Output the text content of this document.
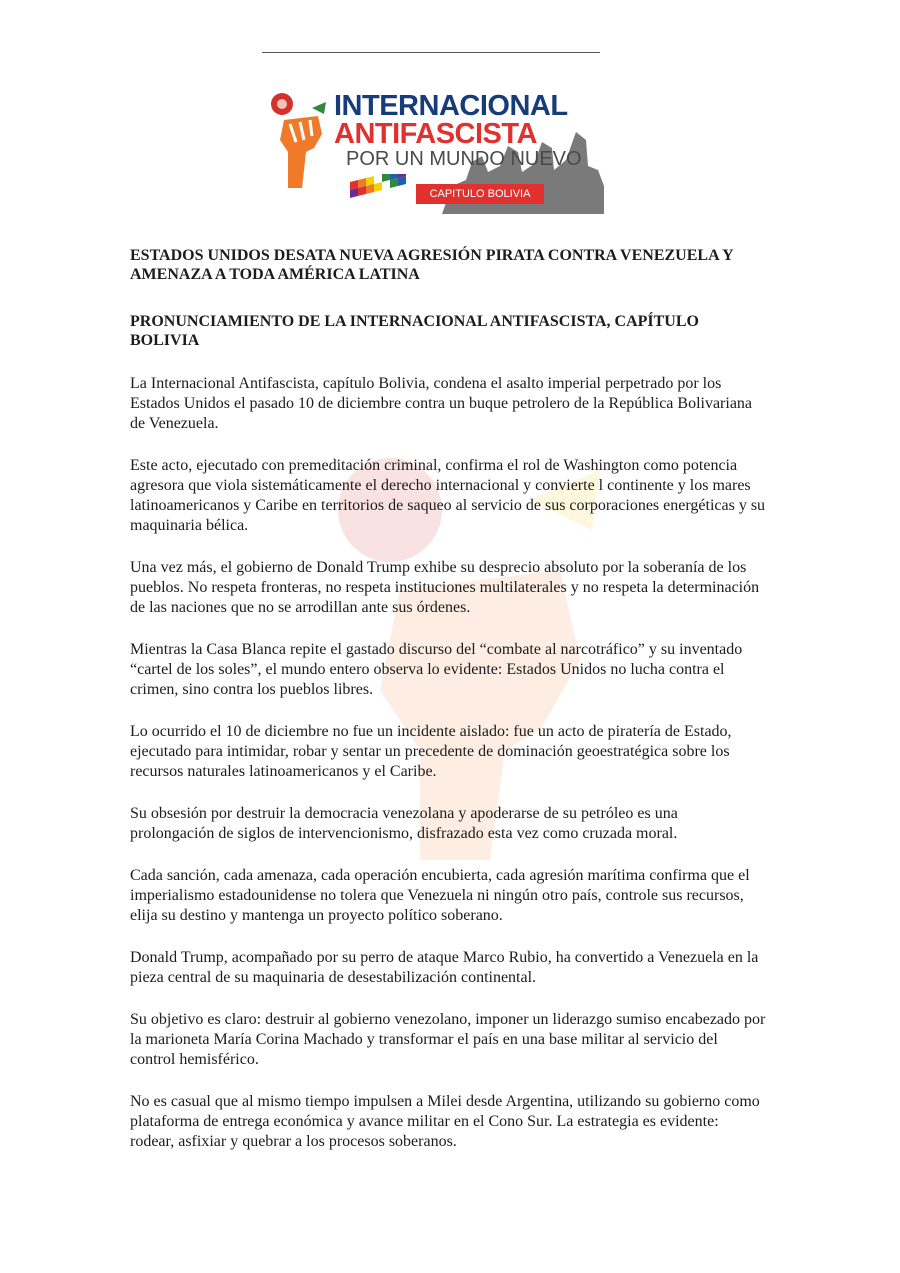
INTERNACIONAL
ANTIFASCISTA
POR UN MUNDO NUEVO
CAPITULO BOLIVIA
ESTADOS UNIDOS DESATA NUEVA AGRESIÓN PIRATA CONTRA VENEZUELA Y AMENAZA A TODA AMÉRICA LATINA
PRONUNCIAMIENTO DE LA INTERNACIONAL ANTIFASCISTA, CAPÍTULO BOLIVIA

La Internacional Antifascista, capítulo Bolivia, condena el asalto imperial perpetrado por los Estados Unidos el pasado 10 de diciembre contra un buque petrolero de la República Bolivariana de Venezuela.

Este acto, ejecutado con premeditación criminal, confirma el rol de Washington como potencia agresora que viola sistemáticamente el derecho internacional y convierte l continente y los mares latinoamericanos y Caribe en territorios de saqueo al servicio de sus corporaciones energéticas y su maquinaria bélica.

Una vez más, el gobierno de Donald Trump exhibe su desprecio absoluto por la soberanía de los pueblos. No respeta fronteras, no respeta instituciones multilaterales y no respeta la determinación de las naciones que no se arrodillan ante sus órdenes.

Mientras la Casa Blanca repite el gastado discurso del “combate al narcotráfico” y su inventado “cartel de los soles”, el mundo entero observa lo evidente: Estados Unidos no lucha contra el crimen, sino contra los pueblos libres.

Lo ocurrido el 10 de diciembre no fue un incidente aislado: fue un acto de piratería de Estado, ejecutado para intimidar, robar y sentar un precedente de dominación geoestratégica sobre los recursos naturales latinoamericanos y el Caribe.

Su obsesión por destruir la democracia venezolana y apoderarse de su petróleo es una prolongación de siglos de intervencionismo, disfrazado esta vez como cruzada moral.

Cada sanción, cada amenaza, cada operación encubierta, cada agresión marítima confirma que el imperialismo estadounidense no tolera que Venezuela ni ningún otro país, controle sus recursos, elija su destino y mantenga un proyecto político soberano.

Donald Trump, acompañado por su perro de ataque Marco Rubio, ha convertido a Venezuela en la pieza central de su maquinaria de desestabilización continental.

Su objetivo es claro: destruir al gobierno venezolano, imponer un liderazgo sumiso encabezado por la marioneta María Corina Machado y transformar el país en una base militar al servicio del control hemisférico.

No es casual que al mismo tiempo impulsen a Milei desde Argentina, utilizando su gobierno como plataforma de entrega económica y avance militar en el Cono Sur. La estrategia es evidente: rodear, asfixiar y quebrar a los procesos soberanos.
